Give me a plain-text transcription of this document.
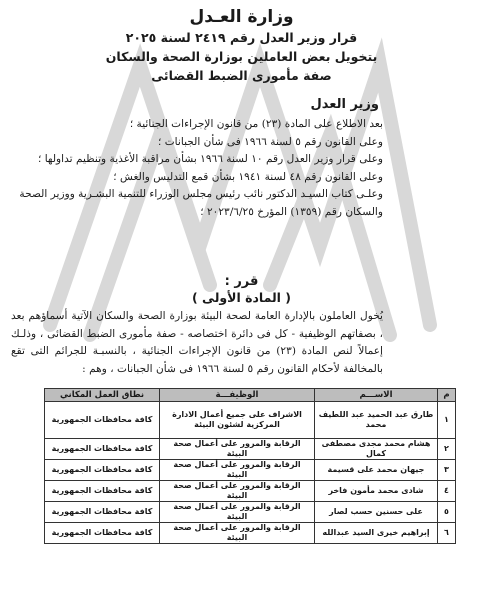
وزارة العـدل
قرار وزير العدل رقم ٢٤١٩ لسنة ٢٠٢٥
بتخويل بعض العاملين بوزارة الصحة والسكان
صفة مأمورى الضبط القضائى
وزير العدل

بعد الاطلاع على المادة (٢٣) من قانون الإجراءات الجنائية ؛

وعلى القانون رقم ٥ لسنة ١٩٦٦ فى شأن الجبانات ؛

وعلى قرار وزير العدل رقم ١٠ لسنة ١٩٦٦ بشأن مراقبة الأغذية وتنظيم تداولها ؛

وعلى القانون رقم ٤٨ لسنة ١٩٤١ بشأن قمع التدليس والغش ؛

وعلـى كتاب السيـد الدكتور نائب رئيس مجلس الوزراء للتنمية البشـرية ووزير الصحة والسكان رقم (١٣٥٩) المؤرخ ٢٠٢٣/٦/٢٥ ؛

قرر :
( المادة الأولى )

يُخول العاملون بالإدارة العامة لصحة البيئة بوزارة الصحة والسكان الآتية أسماؤهم بعد ، بصفاتهم الوظيفية - كل فى دائرة اختصاصه - صفة مأمورى الضبط القضائى ، وذلـك إعمالاً لنص المادة (٢٣) من قانون الإجراءات الجنائية ، بالنسبـة للجرائم التى تقع بالمخالفة لأحكام القانون رقم ٥ لسنة ١٩٦٦ فى شأن الجبانات ، وهم :

م	الاســـم	الوظيفـــة	نطاق العمل المكاني
١	طارق عبد الحميد عبد اللطيف محمد	الاشراف على جميع أعمال الادارة المركزية لشئون البيئة	كافة محافظات الجمهورية
٢	هشام محمد مجدى مصطفى كمال	الرقابة والمرور على أعمال صحة البيئة	كافة محافظات الجمهورية
٣	جيهان محمد على قسيمة	الرقابة والمرور على أعمال صحة البيئة	كافة محافظات الجمهورية
٤	شادى محمد مأمون فاخر	الرقابة والمرور على أعمال صحة البيئة	كافة محافظات الجمهورية
٥	على حسنين حسب لصار	الرقابة والمرور على أعمال صحة البيئة	كافة محافظات الجمهورية
٦	إبراهيم خيرى السيد عبدالله	الرقابة والمرور على أعمال صحة البيئة	كافة محافظات الجمهورية
